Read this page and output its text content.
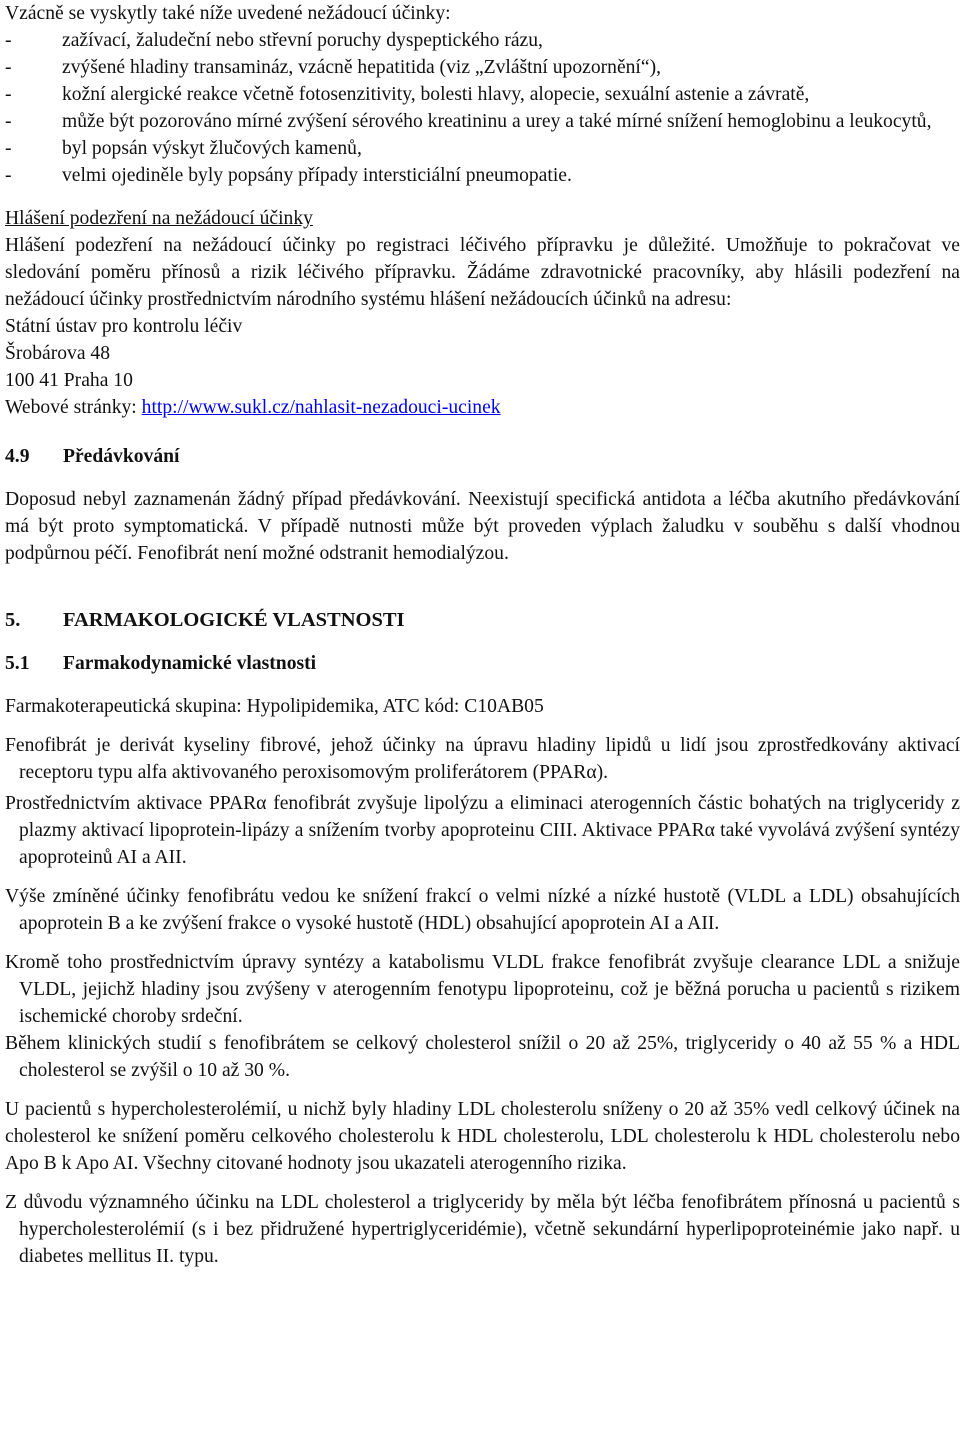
Vzácně se vyskytly také níže uvedené nežádoucí účinky:

-	zažívací, žaludeční nebo střevní poruchy dyspeptického rázu,
-	zvýšené hladiny transamináz, vzácně hepatitida (viz „Zvláštní upozornění“),
-	kožní alergické reakce včetně fotosenzitivity, bolesti hlavy, alopecie, sexuální astenie a závratě,
-	může být pozorováno mírné zvýšení sérového kreatininu a urey a také mírné snížení hemoglobinu a leukocytů,
-	byl popsán výskyt žlučových kamenů,
-	velmi ojediněle byly popsány případy intersticiální pneumopatie.

Hlášení podezření na nežádoucí účinky

Hlášení podezření na nežádoucí účinky po registraci léčivého přípravku je důležité. Umožňuje to pokračovat ve sledování poměru přínosů a rizik léčivého přípravku. Žádáme zdravotnické pracovníky, aby hlásili podezření na nežádoucí účinky prostřednictvím národního systému hlášení nežádoucích účinků na adresu:

Státní ústav pro kontrolu léčiv

Šrobárova 48

100 41 Praha 10

Webové stránky: http://www.sukl.cz/nahlasit-nezadouci-ucinek

4.9 Předávkování

Doposud nebyl zaznamenán žádný případ předávkování. Neexistují specifická antidota a léčba akutního předávkování má být proto symptomatická. V případě nutnosti může být proveden výplach žaludku v souběhu s další vhodnou podpůrnou péčí. Fenofibrát není možné odstranit hemodialýzou.

5. FARMAKOLOGICKÉ VLASTNOSTI
5.1 Farmakodynamické vlastnosti

Farmakoterapeutická skupina: Hypolipidemika, ATC kód: C10AB05

Fenofibrát je derivát kyseliny fibrové, jehož účinky na úpravu hladiny lipidů u lidí jsou zprostředkovány aktivací receptoru typu alfa aktivovaného peroxisomovým proliferátorem (PPARα).

Prostřednictvím aktivace PPARα fenofibrát zvyšuje lipolýzu a eliminaci aterogenních částic bohatých na triglyceridy z plazmy aktivací lipoprotein-lipázy a snížením tvorby apoproteinu CIII. Aktivace PPARα také vyvolává zvýšení syntézy apoproteinů AI a AII.

Výše zmíněné účinky fenofibrátu vedou ke snížení frakcí o velmi nízké a nízké hustotě (VLDL a LDL) obsahujících apoprotein B a ke zvýšení frakce o vysoké hustotě (HDL) obsahující apoprotein AI a AII.

Kromě toho prostřednictvím úpravy syntézy a katabolismu VLDL frakce fenofibrát zvyšuje clearance LDL a snižuje VLDL, jejichž hladiny jsou zvýšeny v aterogenním fenotypu lipoproteinu, což je běžná porucha u pacientů s rizikem ischemické choroby srdeční.

Během klinických studií s fenofibrátem se celkový cholesterol snížil o 20 až 25%, triglyceridy o 40 až 55 % a HDL cholesterol se zvýšil o 10 až 30 %.

U pacientů s hypercholesterolémií, u nichž byly hladiny LDL cholesterolu sníženy o 20 až 35% vedl celkový účinek na cholesterol ke snížení poměru celkového cholesterolu k HDL cholesterolu, LDL cholesterolu k HDL cholesterolu nebo Apo B k Apo AI. Všechny citované hodnoty jsou ukazateli aterogenního rizika.

Z důvodu významného účinku na LDL cholesterol a triglyceridy by měla být léčba fenofibrátem přínosná u pacientů s hypercholesterolémií (s i bez přidružené hypertriglyceridémie), včetně sekundární hyperlipoproteinémie jako např. u diabetes mellitus II. typu.
